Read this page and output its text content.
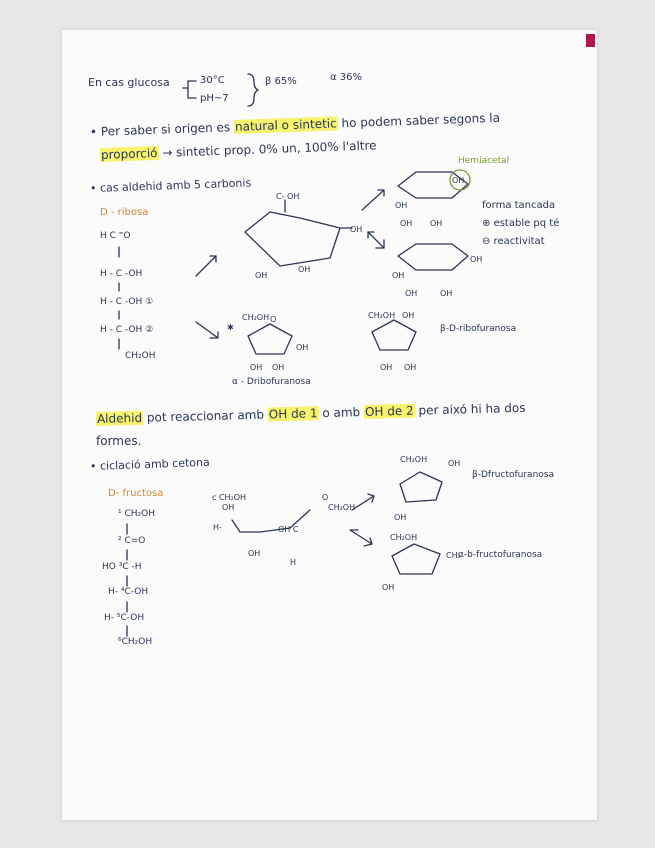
En cas glucosa	30°C
pH~7
β 65%	α 36%
• Per saber si origen es natural o sintetic ho podem saber segons la
proporció → sintetic prop. 0% un, 100% l'altre
• cas aldehid amb 5 carbonis
D - ribosa
Hemiacetal
forma tancada
⊕ estable pq té
⊖ reactivitat
H C ⁼O
H - C -OH
H - C -OH ①
H - C -OH ②
CH₂OH
α - Dribofuranosa
β-D-ribofuranosa
Aldehid pot reaccionar amb OH de 1 o amb OH de 2 per aixó hi ha dos
formes.
• ciclació amb cetona
D- fructosa
¹ CH₂OH
² C=O
HO ³C -H
H- ⁴C-OH
H- ⁵C-OH
⁶CH₂OH
β-Dfructofuranosa
α-b-fructofuranosa
C- OH
OH
OH
OH
OH
OH
OH OH
OH
OH	OH
OH
✱
CH₂OH O
OH
OH OH
CH₂OH OH
OH OH
c CH₂OH
OH
H-
OH
OH C
H
CH₂OH
O
CH₂OH	OH
OH
CH₂OH
CH₂
OH
